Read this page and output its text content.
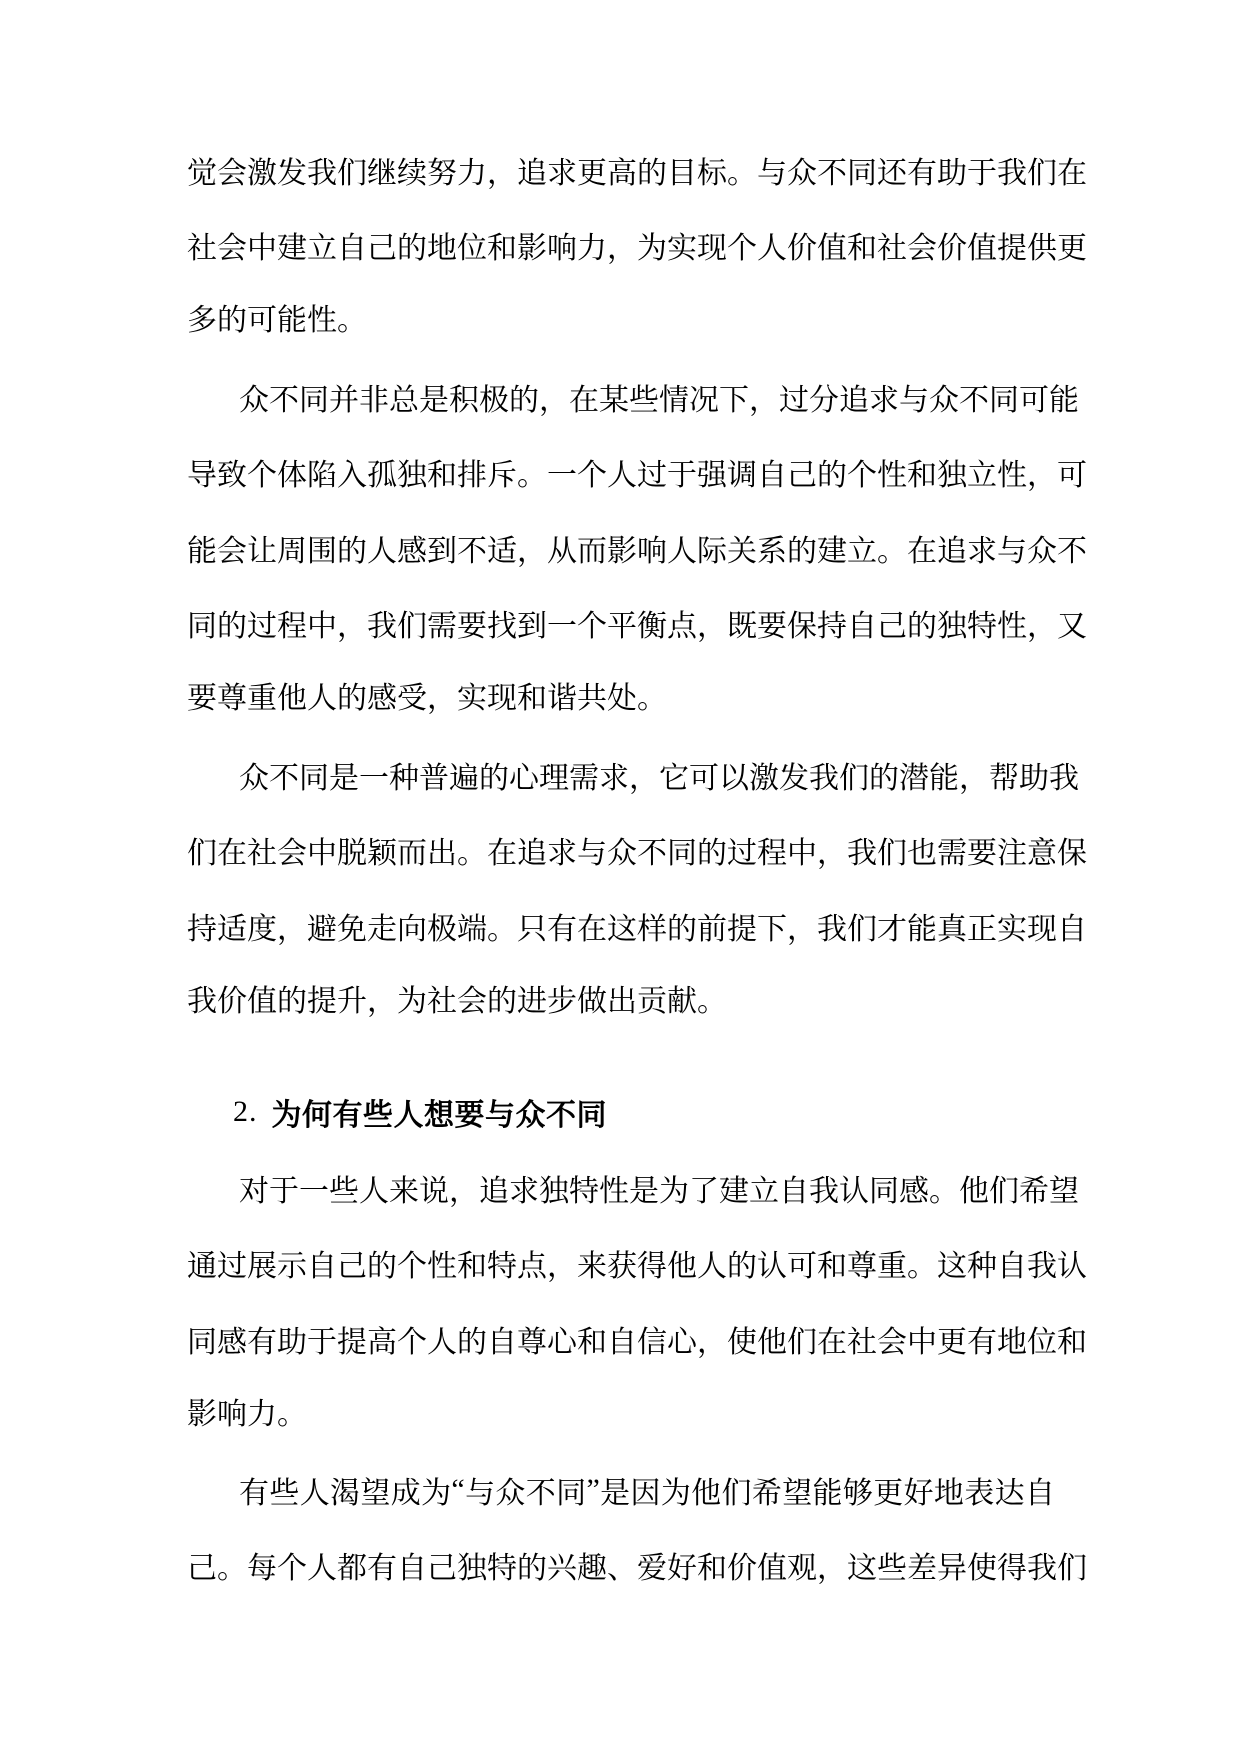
觉 会 激 发 我 们 继 续 努 力 ， 追 求 更 高 的 目 标 。 与 众 不 同 还 有 助 于 我 们 在

社 会 中 建 立 自 己 的 地 位 和 影 响 力 ， 为 实 现 个 人 价 值 和 社 会 价 值 提 供 更

多的可能性。

众 不 同 并 非 总 是 积 极 的 ， 在 某 些 情 况 下 ， 过 分 追 求 与 众 不 同 可 能

导 致 个 体 陷 入 孤 独 和 排 斥 。 一 个 人 过 于 强 调 自 己 的 个 性 和 独 立 性 ， 可

能 会 让 周 围 的 人 感 到 不 适 ， 从 而 影 响 人 际 关 系 的 建 立 。 在 追 求 与 众 不

同 的 过 程 中 ， 我 们 需 要 找 到 一 个 平 衡 点 ， 既 要 保 持 自 己 的 独 特 性 ， 又

要尊重他人的感受，实现和谐共处。

众 不 同 是 一 种 普 遍 的 心 理 需 求 ， 它 可 以 激 发 我 们 的 潜 能 ， 帮 助 我

们 在 社 会 中 脱 颖 而 出 。 在 追 求 与 众 不 同 的 过 程 中 ， 我 们 也 需 要 注 意 保

持 适 度 ， 避 免 走 向 极 端 。 只 有 在 这 样 的 前 提 下 ， 我 们 才 能 真 正 实 现 自

我价值的提升，为社会的进步做出贡献。

2. 为何有些人想要与众不同

对 于 一 些 人 来 说 ， 追 求 独 特 性 是 为 了 建 立 自 我 认 同 感 。 他 们 希 望

通 过 展 示 自 己 的 个 性 和 特 点 ， 来 获 得 他 人 的 认 可 和 尊 重 。 这 种 自 我 认

同 感 有 助 于 提 高 个 人 的 自 尊 心 和 自 信 心 ， 使 他 们 在 社 会 中 更 有 地 位 和

影响力。

有 些 人 渴 望 成 为 “ 与 众 不 同 ” 是 因 为 他 们 希 望 能 够 更 好 地 表 达 自

己 。 每 个 人 都 有 自 己 独 特 的 兴 趣 、 爱 好 和 价 值 观 ， 这 些 差 异 使 得 我 们
